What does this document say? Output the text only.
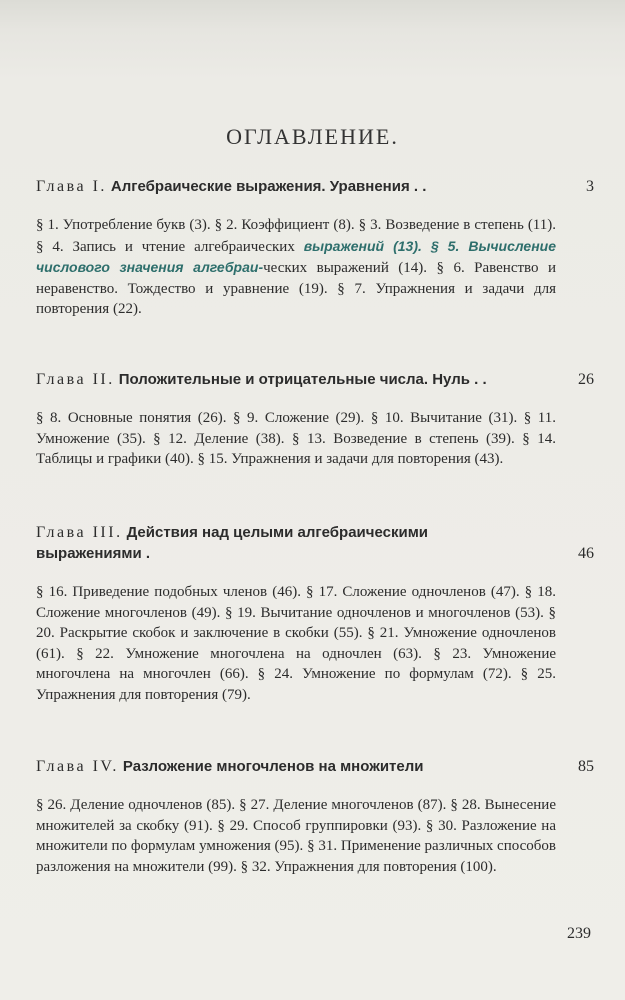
ОГЛАВЛЕНИЕ.
Глава I. Алгебраические выражения. Уравнения . .	3
§ 1. Употребление букв (3). § 2. Коэффициент (8). § 3. Возведение в степень (11). § 4. Запись и чтение алгебраических выражений (13). § 5. Вычисление числового значения алгебраи-ческих выражений (14). § 6. Равенство и неравенство. Тождество и уравнение (19). § 7. Упражнения и задачи для повторения (22).
Глава II. Положительные и отрицательные числа. Нуль . .	26
§ 8. Основные понятия (26). § 9. Сложение (29). § 10. Вычитание (31). § 11. Умножение (35). § 12. Деление (38). § 13. Возведение в степень (39). § 14. Таблицы и графики (40). § 15. Упражнения и задачи для повторения (43).
Глава III. Действия над целыми алгебраическими выражениями .	46
§ 16. Приведение подобных членов (46). § 17. Сложение одночленов (47). § 18. Сложение многочленов (49). § 19. Вычитание одночленов и многочленов (53). § 20. Раскрытие скобок и заключение в скобки (55). § 21. Умножение одночленов (61). § 22. Умножение многочлена на одночлен (63). § 23. Умножение многочлена на многочлен (66). § 24. Умножение по формулам (72). § 25. Упражнения для повторения (79).
Глава IV. Разложение многочленов на множители	85
§ 26. Деление одночленов (85). § 27. Деление многочленов (87). § 28. Вынесение множителей за скобку (91). § 29. Способ группировки (93). § 30. Разложение на множители по формулам умножения (95). § 31. Применение различных способов разложения на множители (99). § 32. Упражнения для повторения (100).
239
